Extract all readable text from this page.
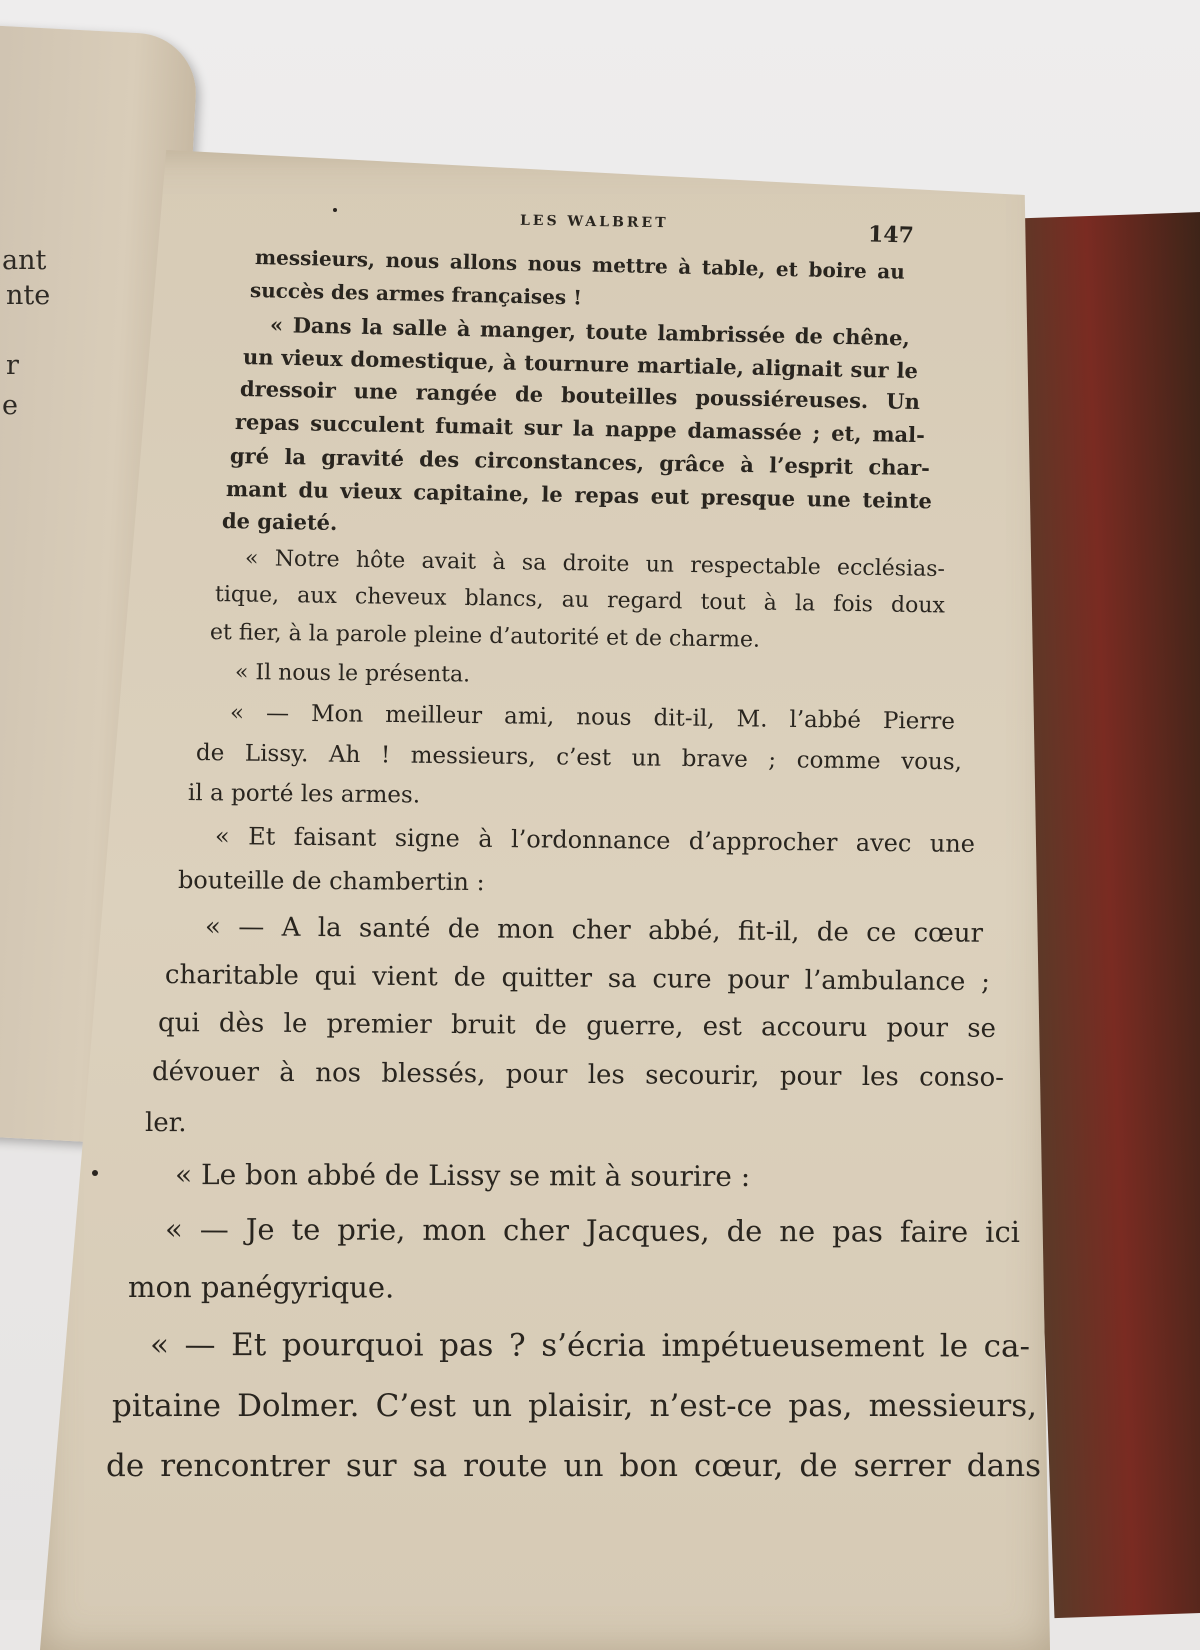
ant
nte
r
e
LES WALBRET	147
messieurs, nous allons nous mettre à table, et boire au
succès des armes françaises !
« Dans la salle à manger, toute lambrissée de chêne,
un vieux domestique, à tournure martiale, alignait sur le
dressoir une rangée de bouteilles poussiéreuses. Un
repas succulent fumait sur la nappe damassée ; et, mal-
gré la gravité des circonstances, grâce à l’esprit char-
mant du vieux capitaine, le repas eut presque une teinte
de gaieté.
« Notre hôte avait à sa droite un respectable ecclésias-
tique, aux cheveux blancs, au regard tout à la fois doux
et fier, à la parole pleine d’autorité et de charme.
« Il nous le présenta.
« — Mon meilleur ami, nous dit-il, M. l’abbé Pierre
de Lissy. Ah ! messieurs, c’est un brave ; comme vous,
il a porté les armes.
« Et faisant signe à l’ordonnance d’approcher avec une
bouteille de chambertin :
« — A la santé de mon cher abbé, fit-il, de ce cœur
charitable qui vient de quitter sa cure pour l’ambulance ;
qui dès le premier bruit de guerre, est accouru pour se
dévouer à nos blessés, pour les secourir, pour les conso-
ler.
« Le bon abbé de Lissy se mit à sourire :
« — Je te prie, mon cher Jacques, de ne pas faire ici
mon panégyrique.
« — Et pourquoi pas ? s’écria impétueusement le ca-
pitaine Dolmer. C’est un plaisir, n’est-ce pas, messieurs,
de rencontrer sur sa route un bon cœur, de serrer dans
